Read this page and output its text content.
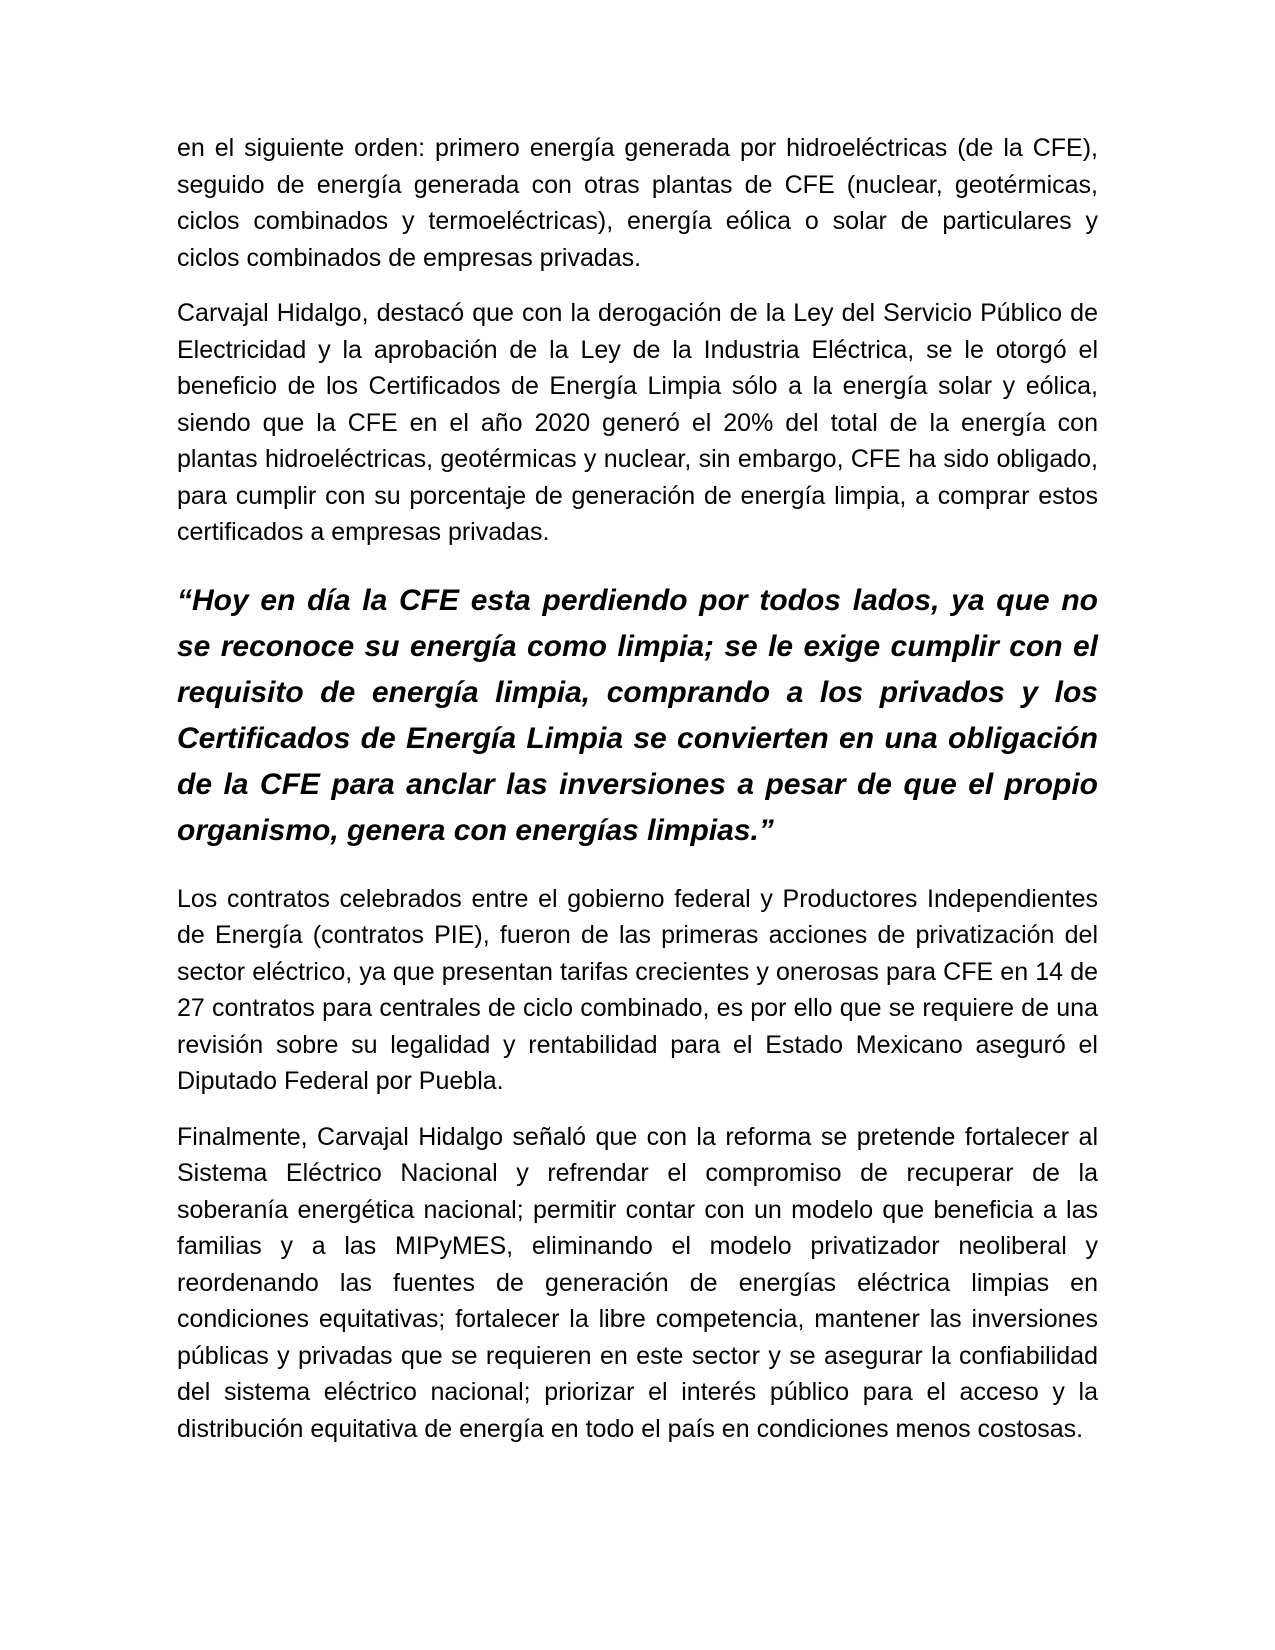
en el siguiente orden: primero energía generada por hidroeléctricas (de la CFE), seguido de energía generada con otras plantas de CFE (nuclear, geotérmicas, ciclos combinados y termoeléctricas), energía eólica o solar de particulares y ciclos combinados de empresas privadas.

Carvajal Hidalgo, destacó que con la derogación de la Ley del Servicio Público de Electricidad y la aprobación de la Ley de la Industria Eléctrica, se le otorgó el beneficio de los Certificados de Energía Limpia sólo a la energía solar y eólica, siendo que la CFE en el año 2020 generó el 20% del total de la energía con plantas hidroeléctricas, geotérmicas y nuclear, sin embargo, CFE ha sido obligado, para cumplir con su porcentaje de generación de energía limpia, a comprar estos certificados a empresas privadas.

“Hoy en día la CFE esta perdiendo por todos lados, ya que no se reconoce su energía como limpia; se le exige cumplir con el requisito de energía limpia, comprando a los privados y los Certificados de Energía Limpia se convierten en una obligación de la CFE para anclar las inversiones a pesar de que el propio organismo, genera con energías limpias.”

Los contratos celebrados entre el gobierno federal y Productores Independientes de Energía (contratos PIE), fueron de las primeras acciones de privatización del sector eléctrico, ya que presentan tarifas crecientes y onerosas para CFE en 14 de 27 contratos para centrales de ciclo combinado, es por ello que se requiere de una revisión sobre su legalidad y rentabilidad para el Estado Mexicano aseguró el Diputado Federal por Puebla.

Finalmente, Carvajal Hidalgo señaló que con la reforma se pretende fortalecer al Sistema Eléctrico Nacional y refrendar el compromiso de recuperar de la soberanía energética nacional; permitir contar con un modelo que beneficia a las familias y a las MIPyMES, eliminando el modelo privatizador neoliberal y reordenando las fuentes de generación de energías eléctrica limpias en condiciones equitativas; fortalecer la libre competencia, mantener las inversiones públicas y privadas que se requieren en este sector y se asegurar la confiabilidad del sistema eléctrico nacional; priorizar el interés público para el acceso y la distribución equitativa de energía en todo el país en condiciones menos costosas.
